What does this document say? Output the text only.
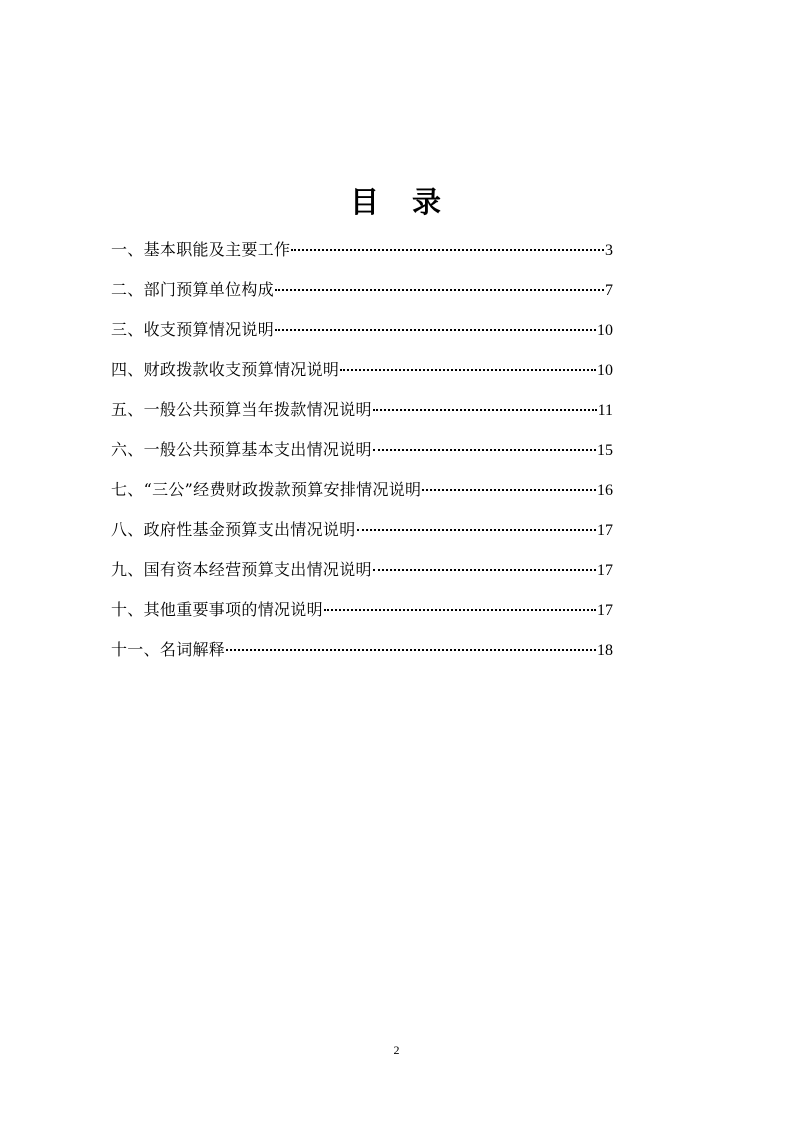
目　录
一、基本职能及主要工作	3
二、部门预算单位构成	7
三、收支预算情况说明	10
四、财政拨款收支预算情况说明	10
五、一般公共预算当年拨款情况说明	11
六、一般公共预算基本支出情况说明	15
七、“三公”经费财政拨款预算安排情况说明	16
八、政府性基金预算支出情况说明	17
九、国有资本经营预算支出情况说明	17
十、其他重要事项的情况说明	17
十一、名词解释	18
2
